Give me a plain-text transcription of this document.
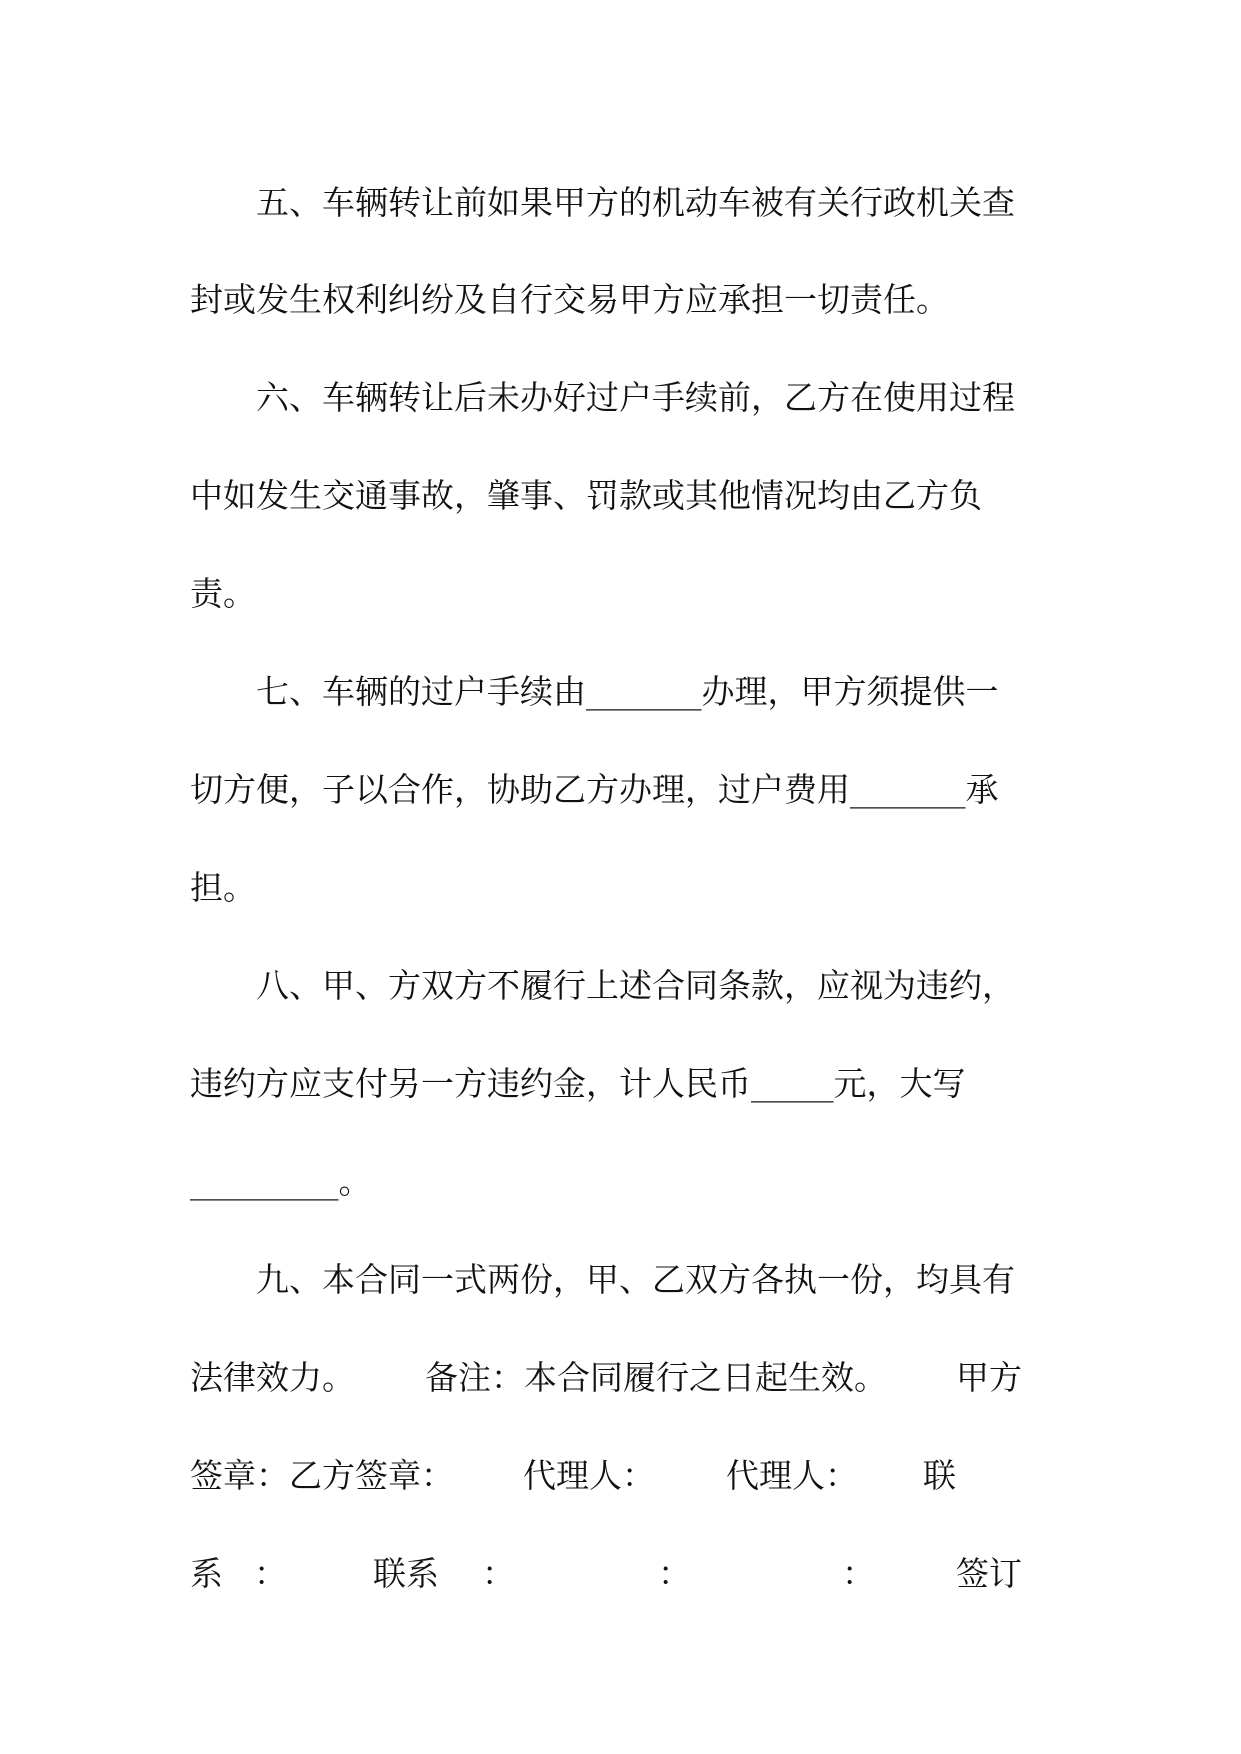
五、车辆转让前如果甲方的机动车被有关行政机关查
封或发生权利纠纷及自行交易甲方应承担一切责任。
六、车辆转让后未办好过户手续前，乙方在使用过程
中如发生交通事故，肇事、罚款或其他情况均由乙方负
责。
七、车辆的过户手续由_______办理，甲方须提供一
切方便，子以合作，协助乙方办理，过户费用_______承
担。
八、甲、方双方不履行上述合同条款，应视为违约，
违约方应支付另一方违约金，计人民币_____元，大写
_________。
九、本合同一式两份，甲、乙双方各执一份，均具有
法律效力。 备注：本合同履行之日起生效。 甲方
签章：乙方签章： 代理人： 代理人： 联
系 ：	联系 ：	：	： 签订
